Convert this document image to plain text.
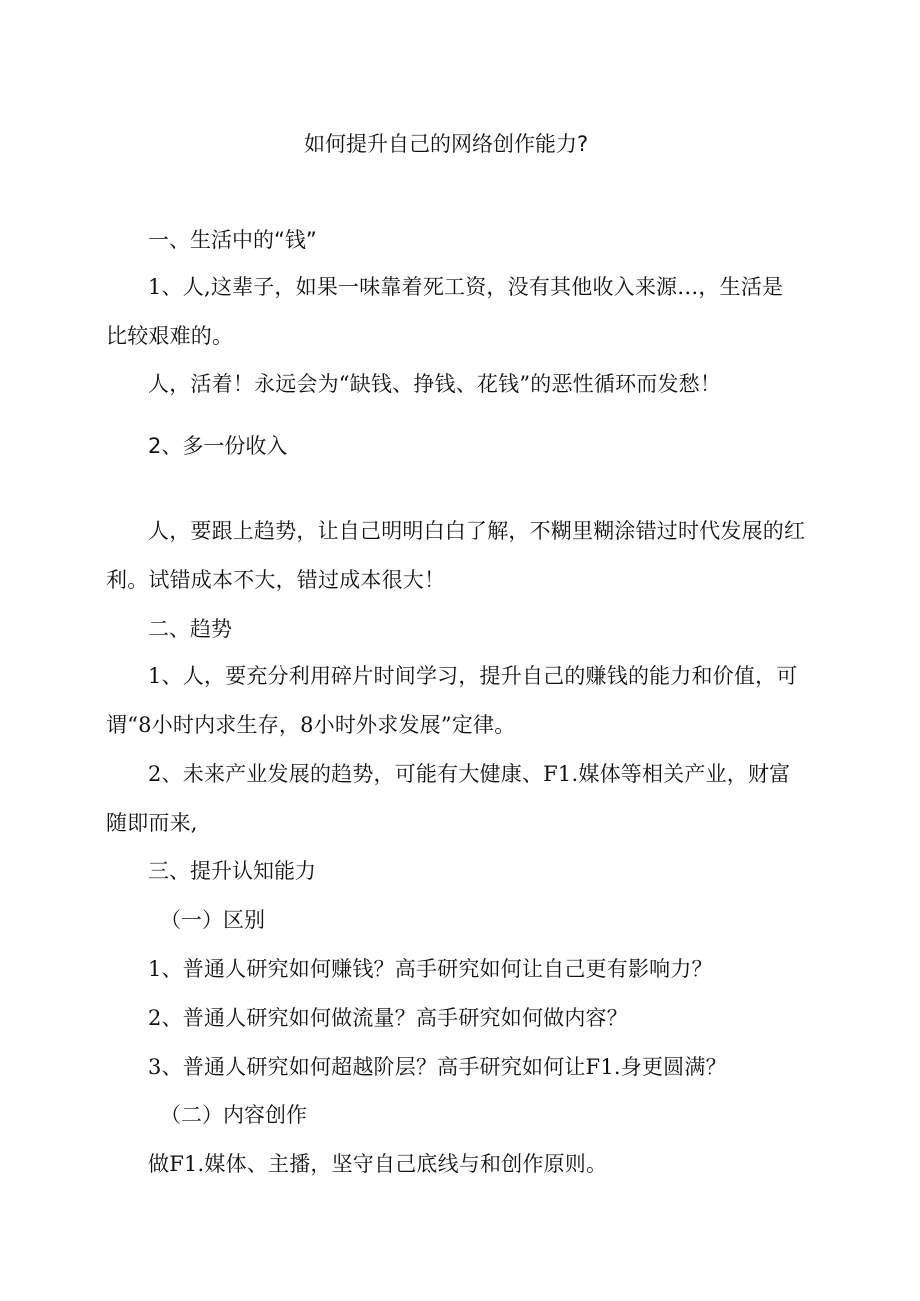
如何提升自己的网络创作能力?

一、生活中的“钱”

1、人,这辈子，如果一味靠着死工资，没有其他收入来源…，生活是

比较艰难的。

人，活着！永远会为“缺钱、挣钱、花钱”的恶性循环而发愁！

2、多一份收入

人，要跟上趋势，让自己明明白白了解，不糊里糊涂错过时代发展的红

利。试错成本不大，错过成本很大！

二、趋势

1、人，要充分利用碎片时间学习，提升自己的赚钱的能力和价值，可

谓“8小时内求生存，8小时外求发展”定律。

2、未来产业发展的趋势，可能有大健康、F1.媒体等相关产业，财富

随即而来,

三、提升认知能力

（一）区别

1、普通人研究如何赚钱？高手研究如何让自己更有影响力？

2、普通人研究如何做流量？高手研究如何做内容？

3、普通人研究如何超越阶层？高手研究如何让F1.身更圆满？

（二）内容创作

做F1.媒体、主播，坚守自己底线与和创作原则。
